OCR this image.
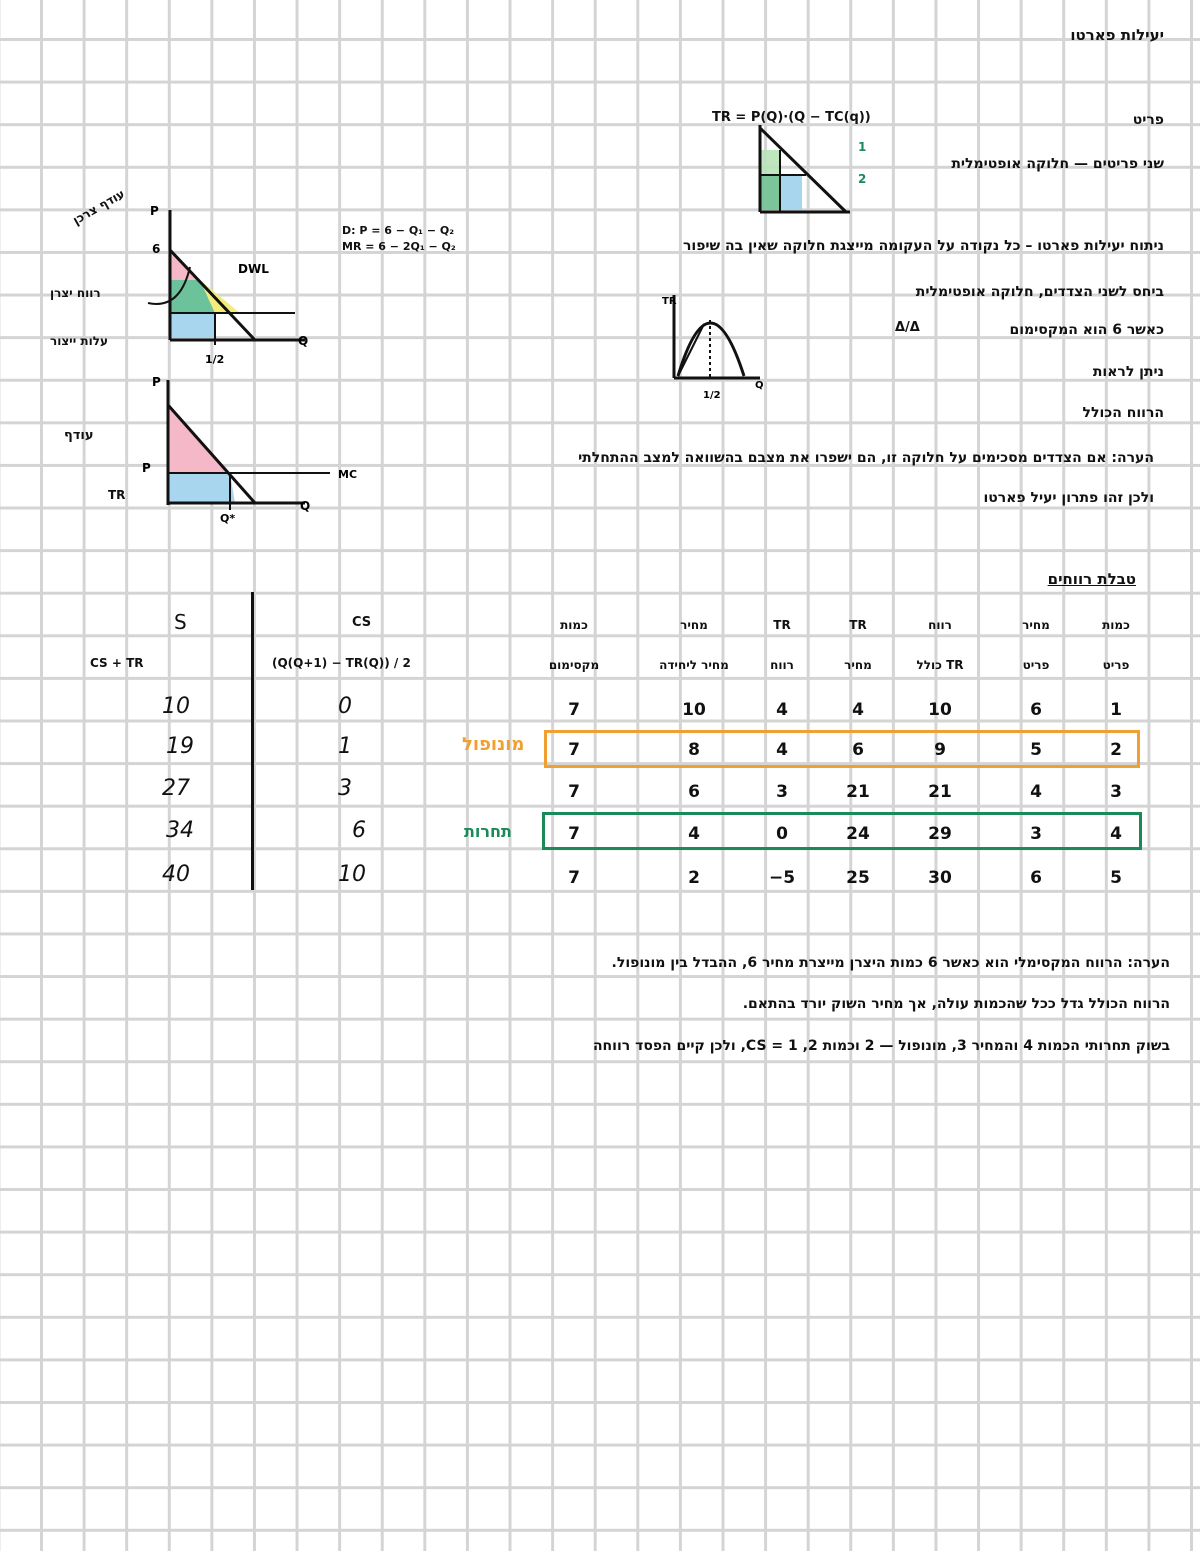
יעילות פארטו
פריט
TR = P(Q)·(Q − TC(q))
שני פריטים — חלוקה אופטימלית
1
2
ניתוח יעילות פארטו – כל נקודה על העקומה מייצגת חלוקה שאין בה שיפור
ביחס לשני הצדדים, חלוקה אופטימלית
כאשר 6 הוא המקסימום
Δ/Δ
ניתן לראות
הרווח הכולל
הערה: אם הצדדים מסכימים על חלוקה זו, הם ישפרו את מצבם בהשוואה למצב ההתחלתי
ולכן זהו פתרון יעיל פארטו
TR
1/2
Q
P
Q
6
1/2
DWL
עודף צרכן
רווח יצרן
עלות ייצור
D: P = 6 − Q₁ − Q₂
MR = 6 − 2Q₁ − Q₂
P
Q
P
Q*
MC
עודף
TR
טבלת רווחים
S
CS + TR
10
19
27
34
40
CS
(Q(Q+1) − TR(Q)) / 2
0
1
3
6
10
כמות
פריט
מחיר
פריט
רווח
TR כולל
TR
מחיר
TR
רווח
מחיר
מחיר ליחידה
כמות
מקסימום
1
6
10
4
4
10
7
2
5
9
6
4
8
7
3
4
21
21
3
6
7
4
3
29
24
0
4
7
5
6
30
25
−5
2
7
מונופול
תחרות
הערה: הרווח המקסימלי הוא כאשר 6 כמות היצרן מייצרת מחיר 6, ההבדל בין מונופול.
הרווח הכולל גדל ככל שהכמות עולה, אך מחיר השוק יורד בהתאם.
בשוק תחרותי הכמות 4 והמחיר 3, מונופול — 2 וכמות 2, CS = 1, ולכן קיים הפסד רווחה
